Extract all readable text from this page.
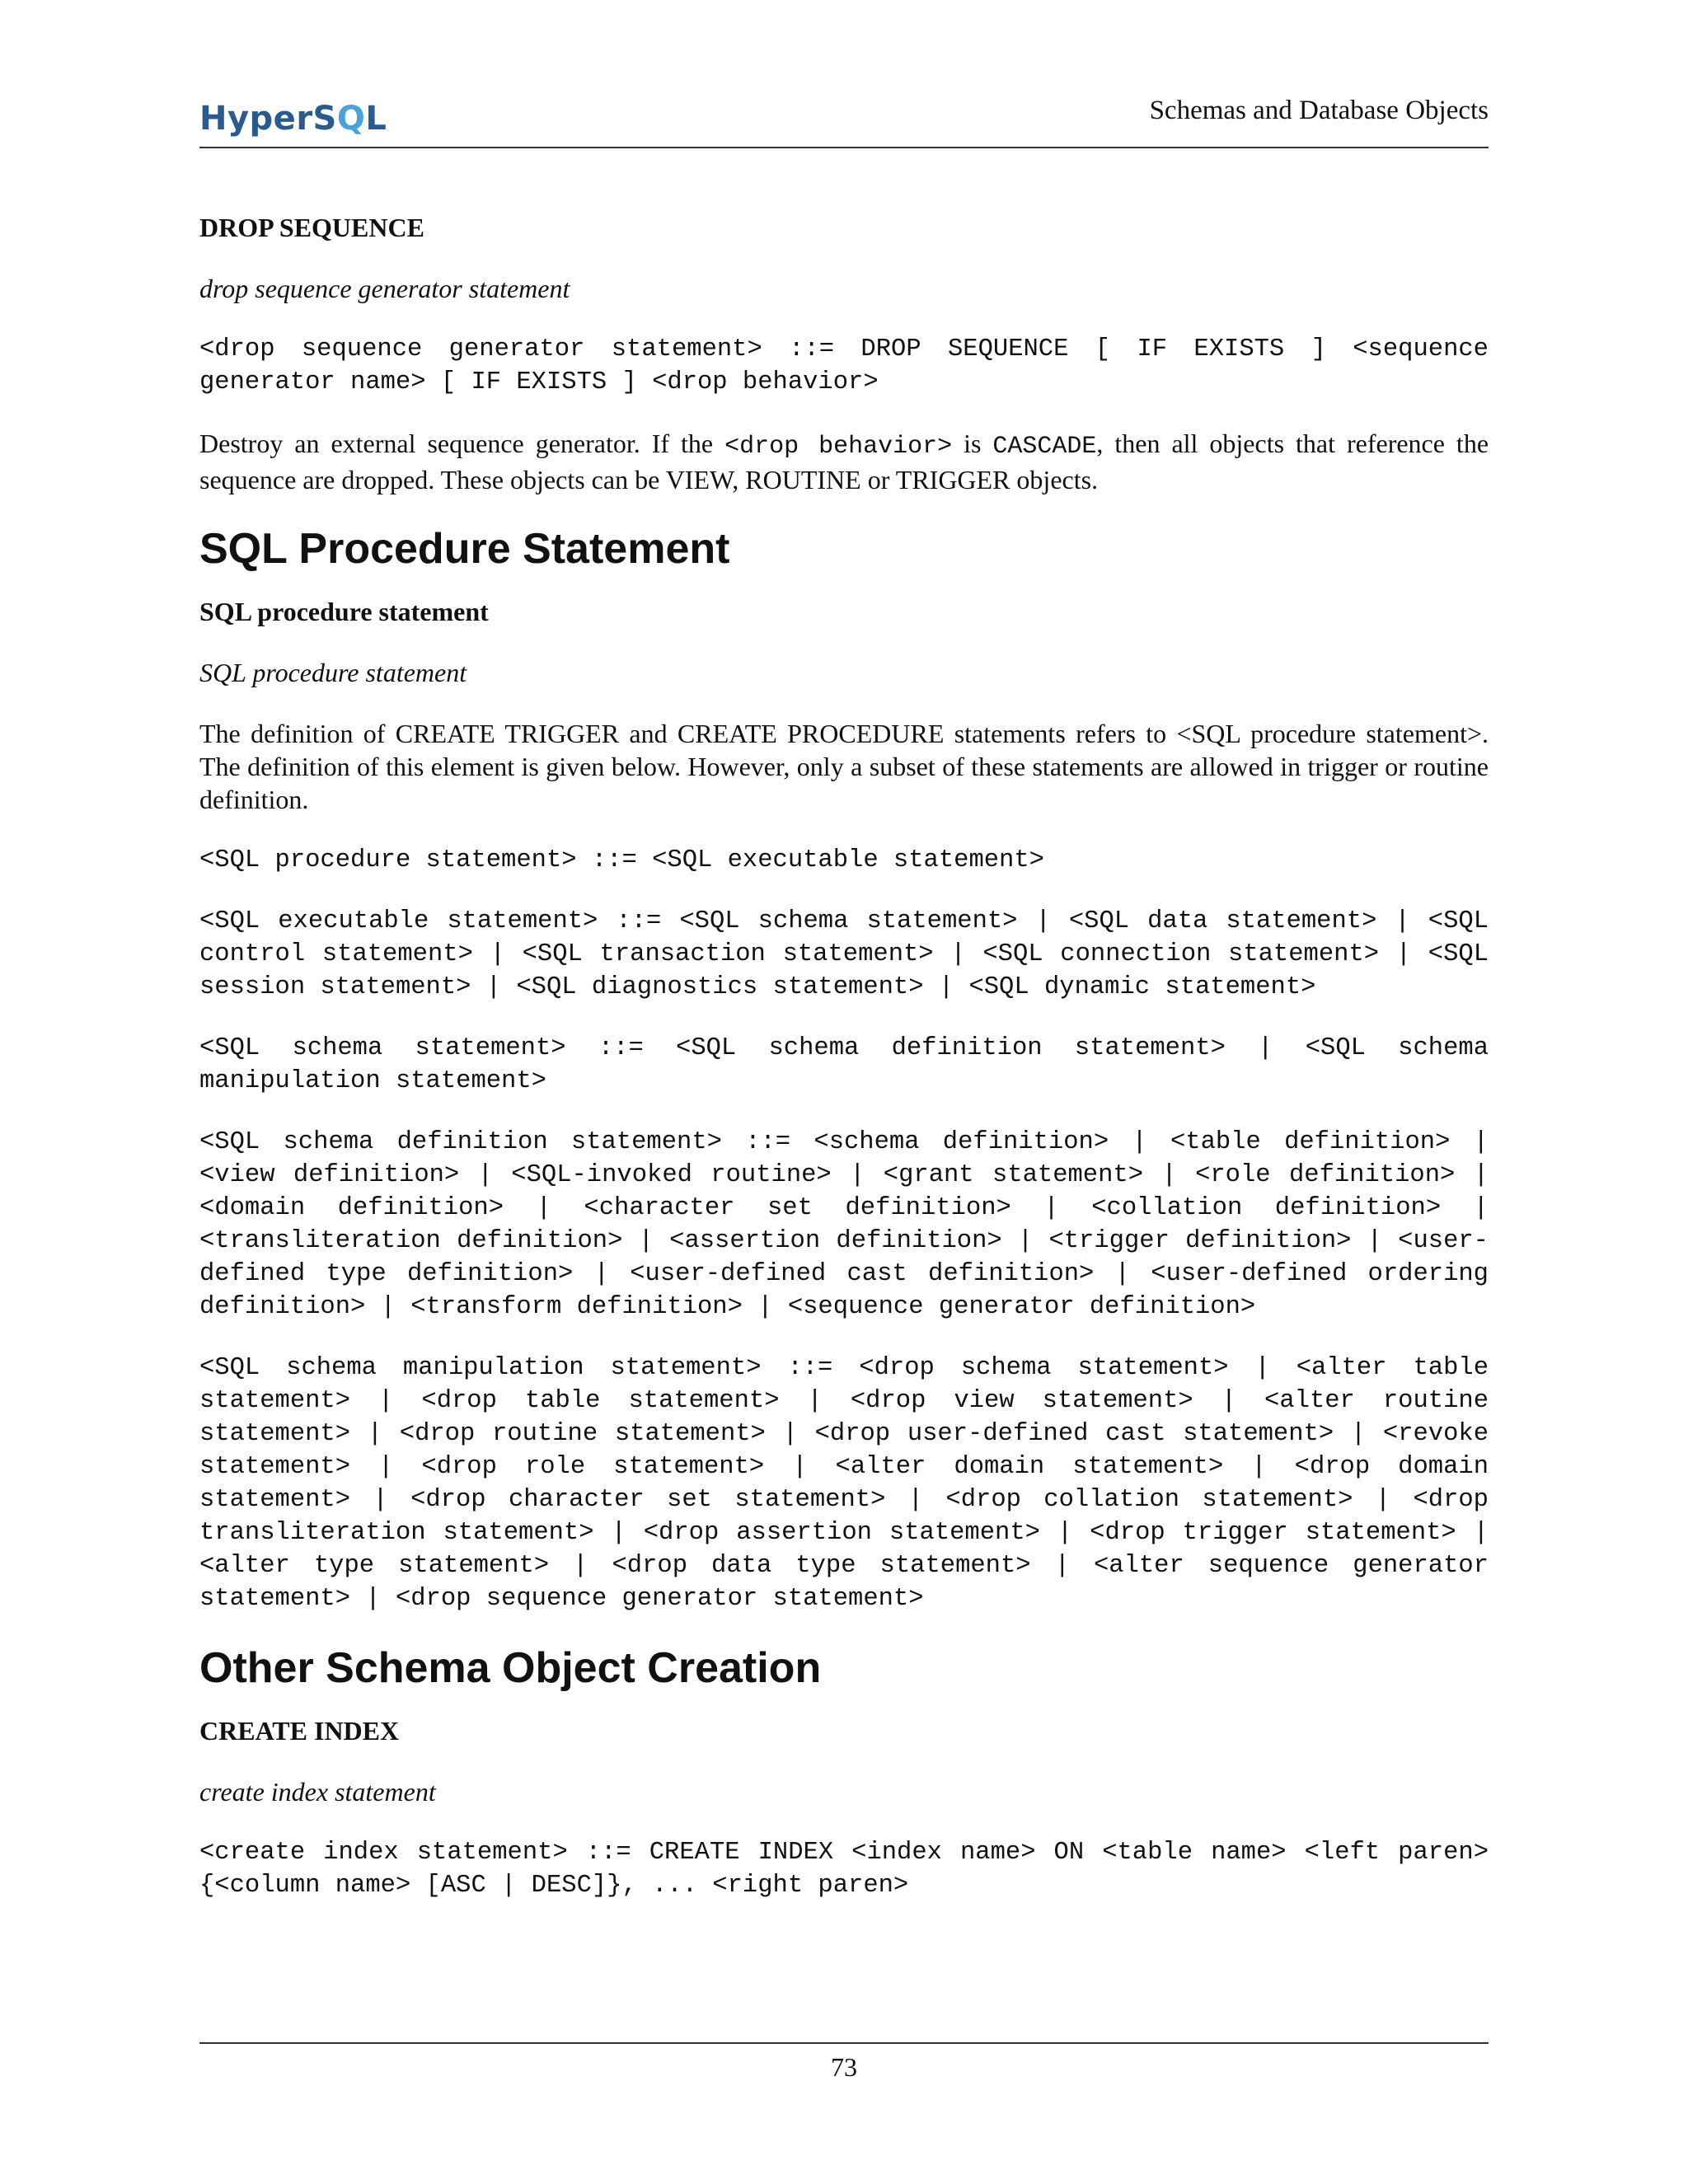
HyperSQL	Schemas and Database Objects
DROP SEQUENCE
drop sequence generator statement
<drop sequence generator statement> ::= DROP SEQUENCE [ IF EXISTS ] <sequence generator name> [ IF EXISTS ] <drop behavior>
Destroy an external sequence generator. If the <drop behavior> is CASCADE, then all objects that reference the sequence are dropped. These objects can be VIEW, ROUTINE or TRIGGER objects.
SQL Procedure Statement
SQL procedure statement
SQL procedure statement
The definition of CREATE TRIGGER and CREATE PROCEDURE statements refers to <SQL procedure statement>. The definition of this element is given below. However, only a subset of these statements are allowed in trigger or routine definition.
<SQL procedure statement> ::= <SQL executable statement>
<SQL executable statement> ::= <SQL schema statement> | <SQL data statement> | <SQL control statement> | <SQL transaction statement> | <SQL connection statement> | <SQL session statement> | <SQL diagnostics statement> | <SQL dynamic statement>
<SQL schema statement> ::= <SQL schema definition statement> | <SQL schema manipulation statement>
<SQL schema definition statement> ::= <schema definition> | <table definition> | <view definition> | <SQL-invoked routine> | <grant statement> | <role definition> | <domain definition> | <character set definition> | <collation definition> | <transliteration definition> | <assertion definition> | <trigger definition> | <user-defined type definition> | <user-defined cast definition> | <user-defined ordering definition> | <transform definition> | <sequence generator definition>
<SQL schema manipulation statement> ::= <drop schema statement> | <alter table statement> | <drop table statement> | <drop view statement> | <alter routine statement> | <drop routine statement> | <drop user-defined cast statement> | <revoke statement> | <drop role statement> | <alter domain statement> | <drop domain statement> | <drop character set statement> | <drop collation statement> | <drop transliteration statement> | <drop assertion statement> | <drop trigger statement> | <alter type statement> | <drop data type statement> | <alter sequence generator statement> | <drop sequence generator statement>
Other Schema Object Creation
CREATE INDEX
create index statement
<create index statement> ::= CREATE INDEX <index name> ON <table name> <left paren> {<column name> [ASC | DESC]}, ... <right paren>
73
